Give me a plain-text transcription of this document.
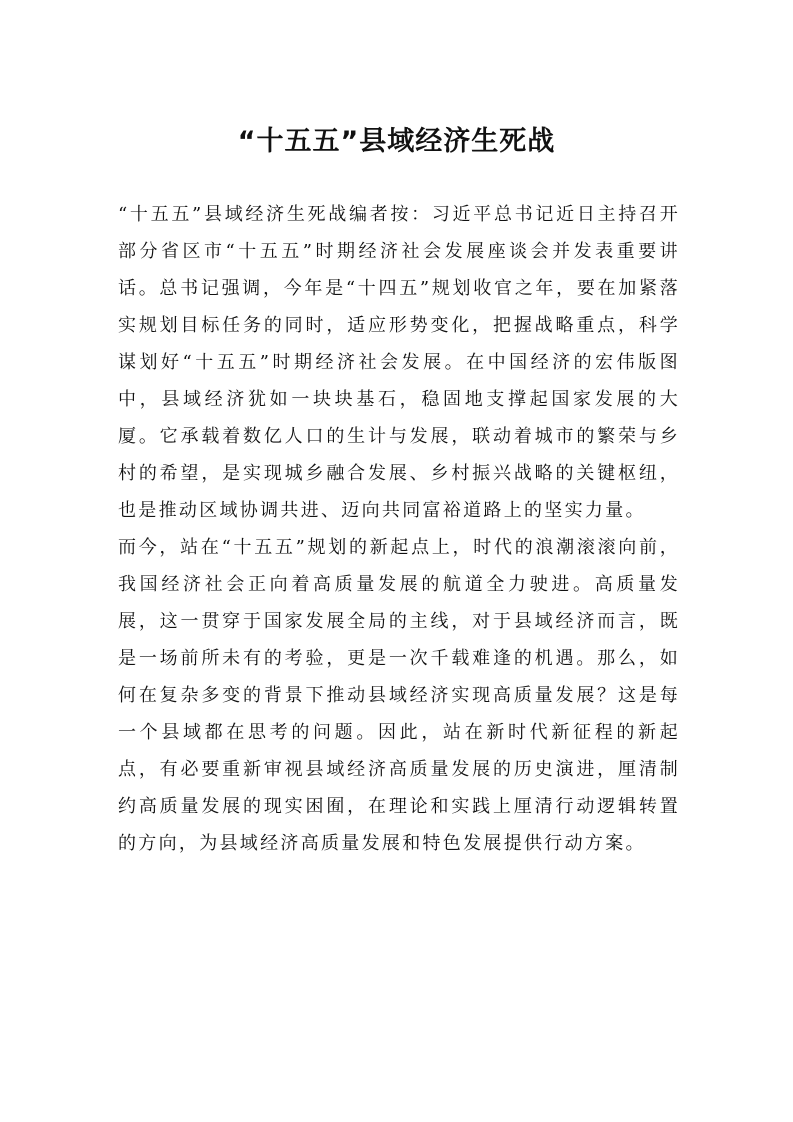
“十五五”县域经济生死战

“十五五”县域经济生死战编者按：习近平总书记近日主持召开部分省区市“十五五”时期经济社会发展座谈会并发表重要讲话。总书记强调，今年是“十四五”规划收官之年，要在加紧落实规划目标任务的同时，适应形势变化，把握战略重点，科学谋划好“十五五”时期经济社会发展。在中国经济的宏伟版图中，县域经济犹如一块块基石，稳固地支撑起国家发展的大厦。它承载着数亿人口的生计与发展，联动着城市的繁荣与乡村的希望，是实现城乡融合发展、乡村振兴战略的关键枢纽，也是推动区域协调共进、迈向共同富裕道路上的坚实力量。

而今，站在“十五五”规划的新起点上，时代的浪潮滚滚向前，我国经济社会正向着高质量发展的航道全力驶进。高质量发展，这一贯穿于国家发展全局的主线，对于县域经济而言，既是一场前所未有的考验，更是一次千载难逢的机遇。那么，如何在复杂多变的背景下推动县域经济实现高质量发展？这是每一个县域都在思考的问题。因此，站在新时代新征程的新起点，有必要重新审视县域经济高质量发展的历史演进，厘清制约高质量发展的现实困囿，在理论和实践上厘清行动逻辑转置的方向，为县域经济高质量发展和特色发展提供行动方案。
